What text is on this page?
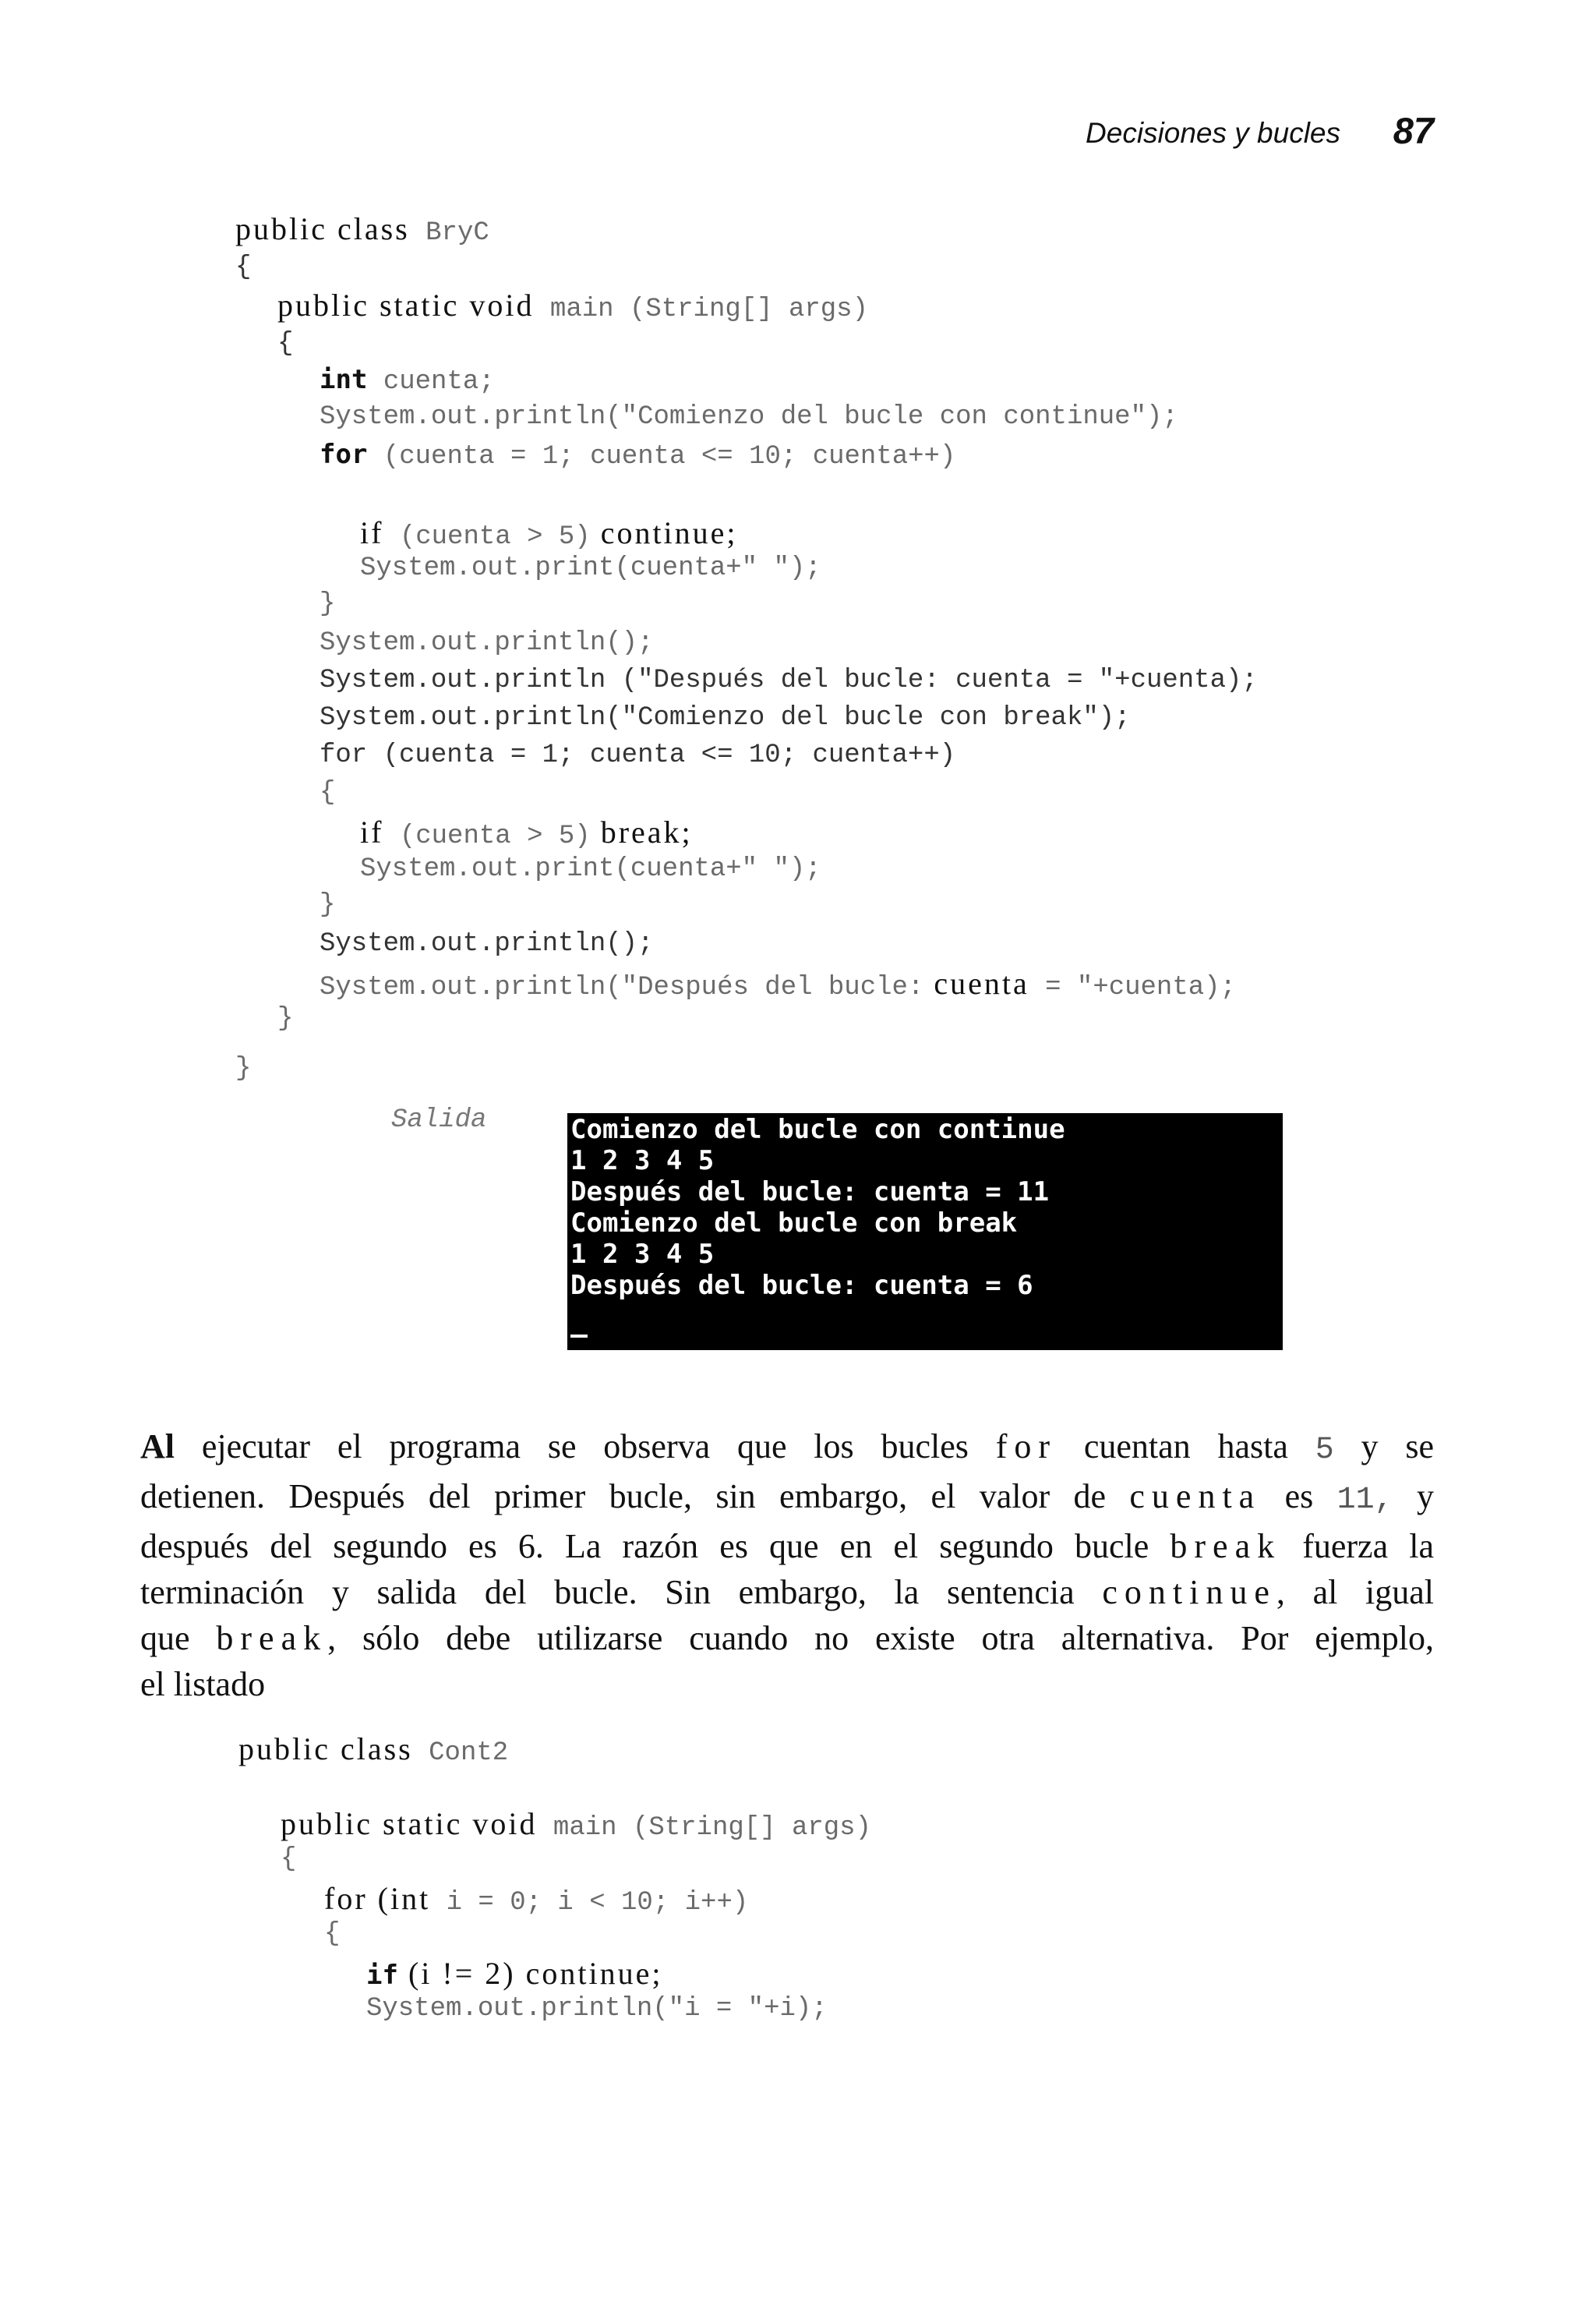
Decisiones y bucles	87
public class BryC
{
public static void main (String[] args)
{
int cuenta;
System.out.println("Comienzo del bucle con continue");
for (cuenta = 1; cuenta <= 10; cuenta++)
if (cuenta > 5) continue;
System.out.print(cuenta+" ");
}
System.out.println();
System.out.println ("Después del bucle: cuenta = "+cuenta);
System.out.println("Comienzo del bucle con break");
for (cuenta = 1; cuenta <= 10; cuenta++)
{
if (cuenta > 5) break;
System.out.print(cuenta+" ");
}
System.out.println();
System.out.println("Después del bucle: cuenta = "+cuenta);
}
}
Salida	Comienzo del bucle con continue
1 2 3 4 5
Después del bucle: cuenta = 11
Comienzo del bucle con break
1 2 3 4 5
Después del bucle: cuenta = 6
Al ejecutar el programa se observa que los bucles for cuentan hasta 5 y se
detienen. Después del primer bucle, sin embargo, el valor de cuenta es 11, y
después del segundo es 6. La razón es que en el segundo bucle break fuerza la
terminación y salida del bucle. Sin embargo, la sentencia continue, al igual
que break, sólo debe utilizarse cuando no existe otra alternativa. Por ejemplo,
el listado
public class Cont2
public static void main (String[] args)
{
for (int i = 0; i < 10; i++)
{
if (i != 2) continue;
System.out.println("i = "+i);
